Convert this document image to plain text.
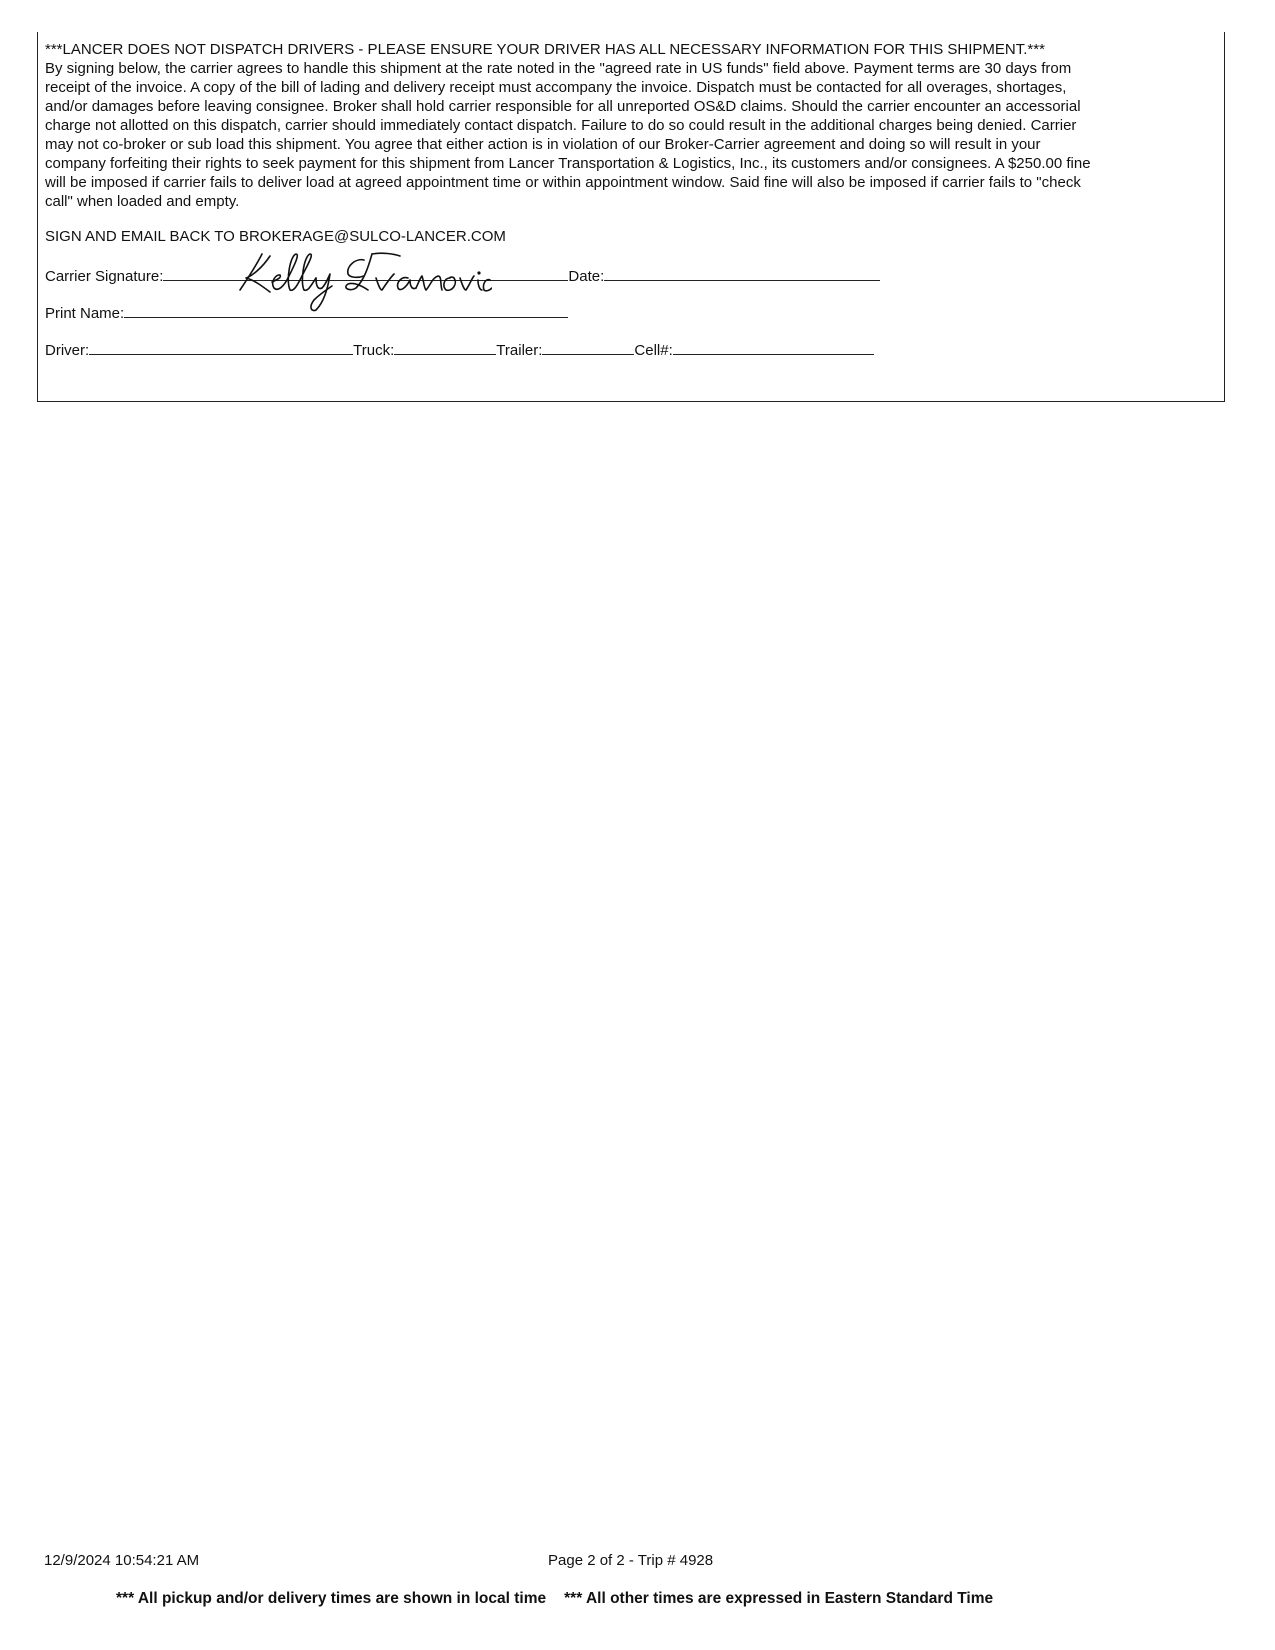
***LANCER DOES NOT DISPATCH DRIVERS - PLEASE ENSURE YOUR DRIVER HAS ALL NECESSARY INFORMATION FOR THIS SHIPMENT.***
By signing below, the carrier agrees to handle this shipment at the rate noted in the "agreed rate in US funds" field above. Payment terms are 30 days from
receipt of the invoice. A copy of the bill of lading and delivery receipt must accompany the invoice. Dispatch must be contacted for all overages, shortages,
and/or damages before leaving consignee. Broker shall hold carrier responsible for all unreported OS&D claims. Should the carrier encounter an accessorial
charge not allotted on this dispatch, carrier should immediately contact dispatch. Failure to do so could result in the additional charges being denied. Carrier
may not co-broker or sub load this shipment. You agree that either action is in violation of our Broker-Carrier agreement and doing so will result in your
company forfeiting their rights to seek payment for this shipment from Lancer Transportation & Logistics, Inc., its customers and/or consignees. A $250.00 fine
will be imposed if carrier fails to deliver load at agreed appointment time or within appointment window. Said fine will also be imposed if carrier fails to "check
call" when loaded and empty.
SIGN AND EMAIL BACK TO BROKERAGE@SULCO-LANCER.COM
Carrier Signature:	Date:
Print Name:
Driver:	Truck:	Trailer:	Cell#:
12/9/2024 10:54:21 AM	Page 2 of 2 - Trip # 4928
*** All pickup and/or delivery times are shown in local time *** All other times are expressed in Eastern Standard Time
